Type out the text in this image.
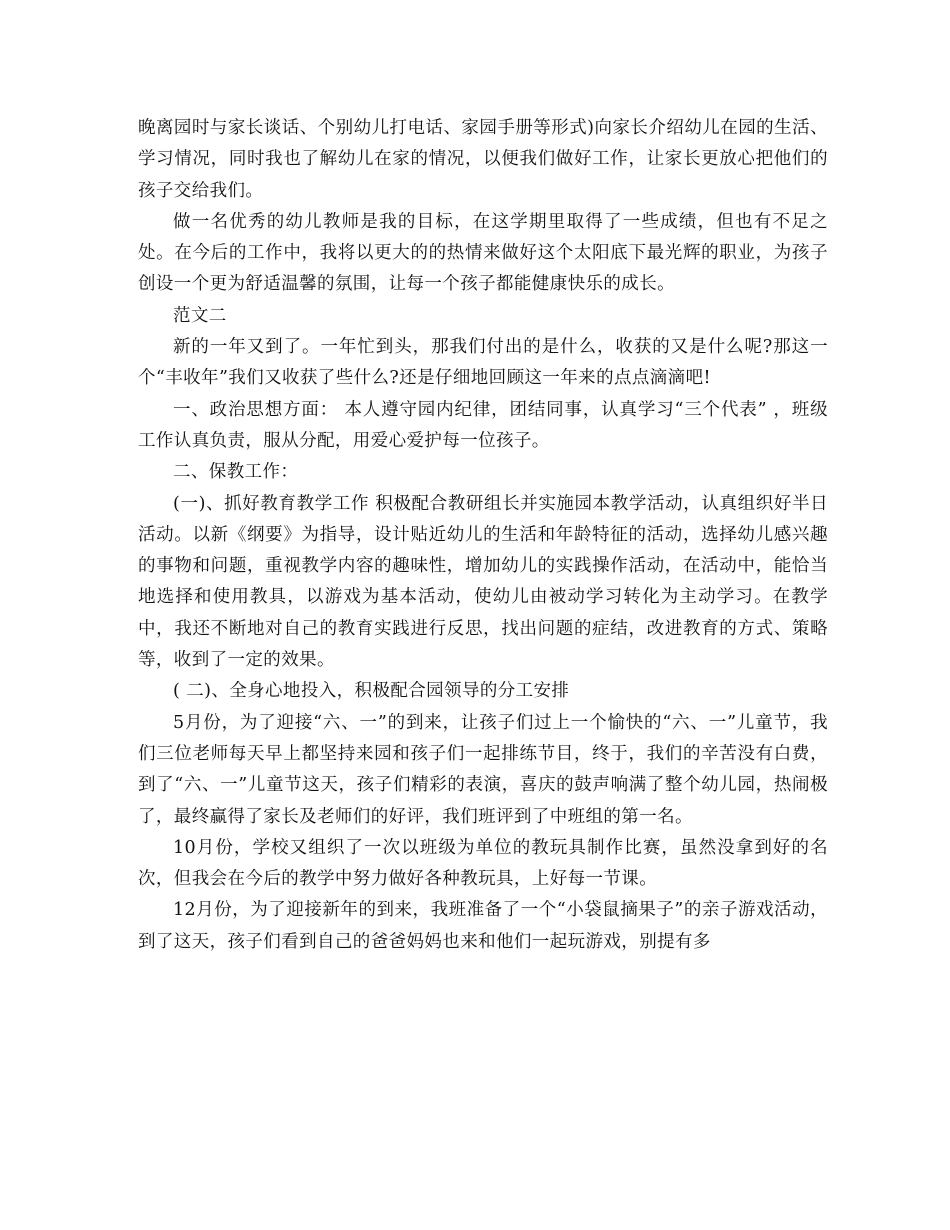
晚离园时与家长谈话、个别幼儿打电话、家园手册等形式)向家长介绍幼儿在园的生活、学习情况，同时我也了解幼儿在家的情况，以便我们做好工作，让家长更放心把他们的孩子交给我们。

做一名优秀的幼儿教师是我的目标，在这学期里取得了一些成绩，但也有不足之处。在今后的工作中，我将以更大的的热情来做好这个太阳底下最光辉的职业，为孩子创设一个更为舒适温馨的氛围，让每一个孩子都能健康快乐的成长。

范文二

新的一年又到了。一年忙到头，那我们付出的是什么，收获的又是什么呢?那这一个“丰收年”我们又收获了些什么?还是仔细地回顾这一年来的点点滴滴吧!

一、政治思想方面： 本人遵守园内纪律，团结同事，认真学习“三个代表” ，班级工作认真负责，服从分配，用爱心爱护每一位孩子。

二、保教工作：

(一)、抓好教育教学工作 积极配合教研组长并实施园本教学活动，认真组织好半日活动。以新《纲要》为指导，设计贴近幼儿的生活和年龄特征的活动，选择幼儿感兴趣的事物和问题，重视教学内容的趣味性，增加幼儿的实践操作活动，在活动中，能恰当地选择和使用教具，以游戏为基本活动，使幼儿由被动学习转化为主动学习。在教学中，我还不断地对自己的教育实践进行反思，找出问题的症结，改进教育的方式、策略等，收到了一定的效果。

( 二)、全身心地投入，积极配合园领导的分工安排

5月份，为了迎接“六、一”的到来，让孩子们过上一个愉快的“六、一”儿童节，我们三位老师每天早上都坚持来园和孩子们一起排练节目，终于，我们的辛苦没有白费，到了“六、一”儿童节这天，孩子们精彩的表演，喜庆的鼓声响满了整个幼儿园，热闹极了，最终赢得了家长及老师们的好评，我们班评到了中班组的第一名。

10月份，学校又组织了一次以班级为单位的教玩具制作比赛，虽然没拿到好的名次，但我会在今后的教学中努力做好各种教玩具，上好每一节课。

12月份，为了迎接新年的到来，我班准备了一个“小袋鼠摘果子”的亲子游戏活动，到了这天，孩子们看到自己的爸爸妈妈也来和他们一起玩游戏，别提有多
